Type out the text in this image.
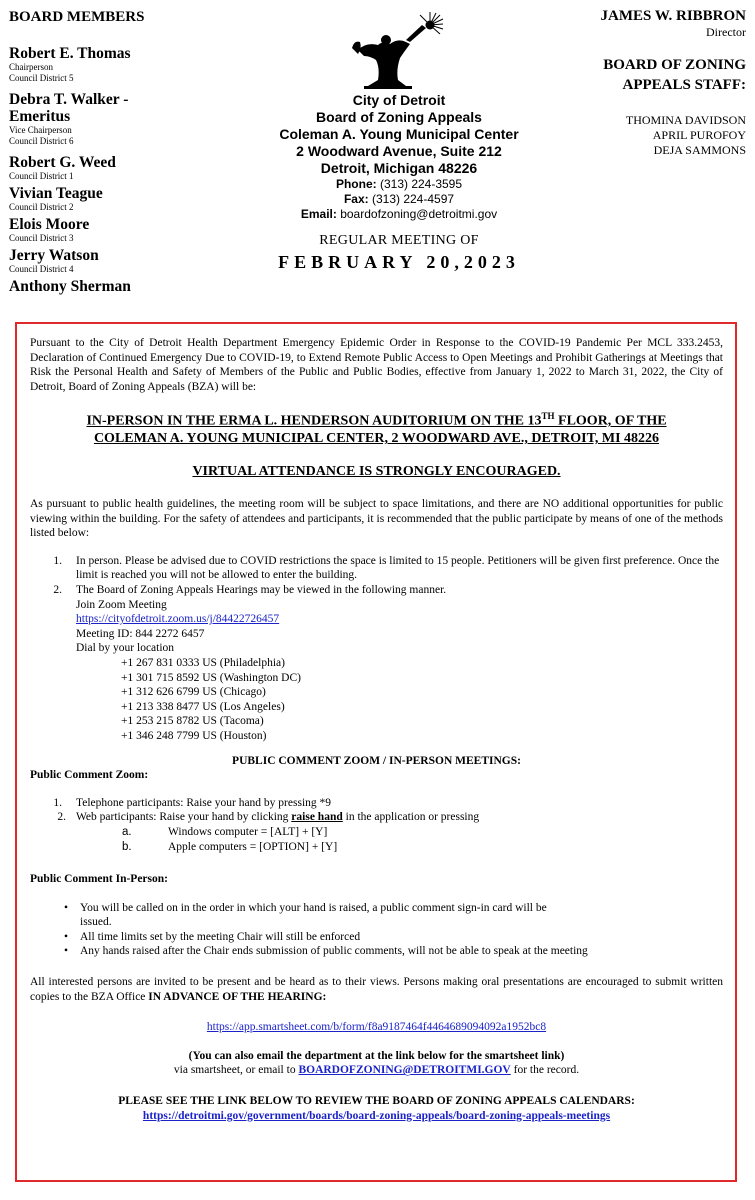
BOARD MEMBERS
Robert E. Thomas
Chairperson
Council District 5
Debra T. Walker - Emeritus
Vice Chairperson
Council District 6
Robert G. Weed
Council District 1
Vivian Teague
Council District 2
Elois Moore
Council District 3
Jerry Watson
Council District 4
Anthony Sherman
City of Detroit
Board of Zoning Appeals
Coleman A. Young Municipal Center
2 Woodward Avenue, Suite 212
Detroit, Michigan 48226
Phone: (313) 224-3595
Fax: (313) 224-4597
Email: boardofzoning@detroitmi.gov
REGULAR MEETING OF
FEBRUARY 20,2023
JAMES W. RIBBRON
Director
BOARD OF ZONING
APPEALS STAFF:
THOMINA DAVIDSON
APRIL PUROFOY
DEJA SAMMONS

Pursuant to the City of Detroit Health Department Emergency Epidemic Order in Response to the COVID-19 Pandemic Per MCL 333.2453, Declaration of Continued Emergency Due to COVID-19, to Extend Remote Public Access to Open Meetings and Prohibit Gatherings at Meetings that Risk the Personal Health and Safety of Members of the Public and Public Bodies, effective from January 1, 2022 to March 31, 2022, the City of Detroit, Board of Zoning Appeals (BZA) will be:

IN-PERSON IN THE ERMA L. HENDERSON AUDITORIUM ON THE 13TH FLOOR, OF THE
COLEMAN A. YOUNG MUNICIPAL CENTER, 2 WOODWARD AVE., DETROIT, MI 48226
VIRTUAL ATTENDANCE IS STRONGLY ENCOURAGED.

As pursuant to public health guidelines, the meeting room will be subject to space limitations, and there are NO additional opportunities for public viewing within the building. For the safety of attendees and participants, it is recommended that the public participate by means of one of the methods listed below:

1.	In person. Please be advised due to COVID restrictions the space is limited to 15 people. Petitioners will be given first preference. Once the limit is reached you will not be allowed to enter the building.
2.	The Board of Zoning Appeals Hearings may be viewed in the following manner.
Join Zoom Meeting
https://cityofdetroit.zoom.us/j/84422726457
Meeting ID: 844 2272 6457
Dial by your location
+1 267 831 0333 US (Philadelphia)
+1 301 715 8592 US (Washington DC)
+1 312 626 6799 US (Chicago)
+1 213 338 8477 US (Los Angeles)
+1 253 215 8782 US (Tacoma)
+1 346 248 7799 US (Houston)
PUBLIC COMMENT ZOOM / IN-PERSON MEETINGS:
Public Comment Zoom:
1.	Telephone participants: Raise your hand by pressing *9
2. Web participants: Raise your hand by clicking raise hand in the application or pressing
a.	Windows computer = [ALT] + [Y]
b.	Apple computers = [OPTION] + [Y]
Public Comment In-Person:
•	You will be called on in the order in which your hand is raised, a public comment sign-in card will be issued.
•	All time limits set by the meeting Chair will still be enforced
•	Any hands raised after the Chair ends submission of public comments, will not be able to speak at the meeting

All interested persons are invited to be present and be heard as to their views. Persons making oral presentations are encouraged to submit written copies to the BZA Office IN ADVANCE OF THE HEARING:

https://app.smartsheet.com/b/form/f8a9187464f4464689094092a1952bc8
(You can also email the department at the link below for the smartsheet link)
via smartsheet, or email to BOARDOFZONING@DETROITMI.GOV for the record.
PLEASE SEE THE LINK BELOW TO REVIEW THE BOARD OF ZONING APPEALS CALENDARS:
https://detroitmi.gov/government/boards/board-zoning-appeals/board-zoning-appeals-meetings
